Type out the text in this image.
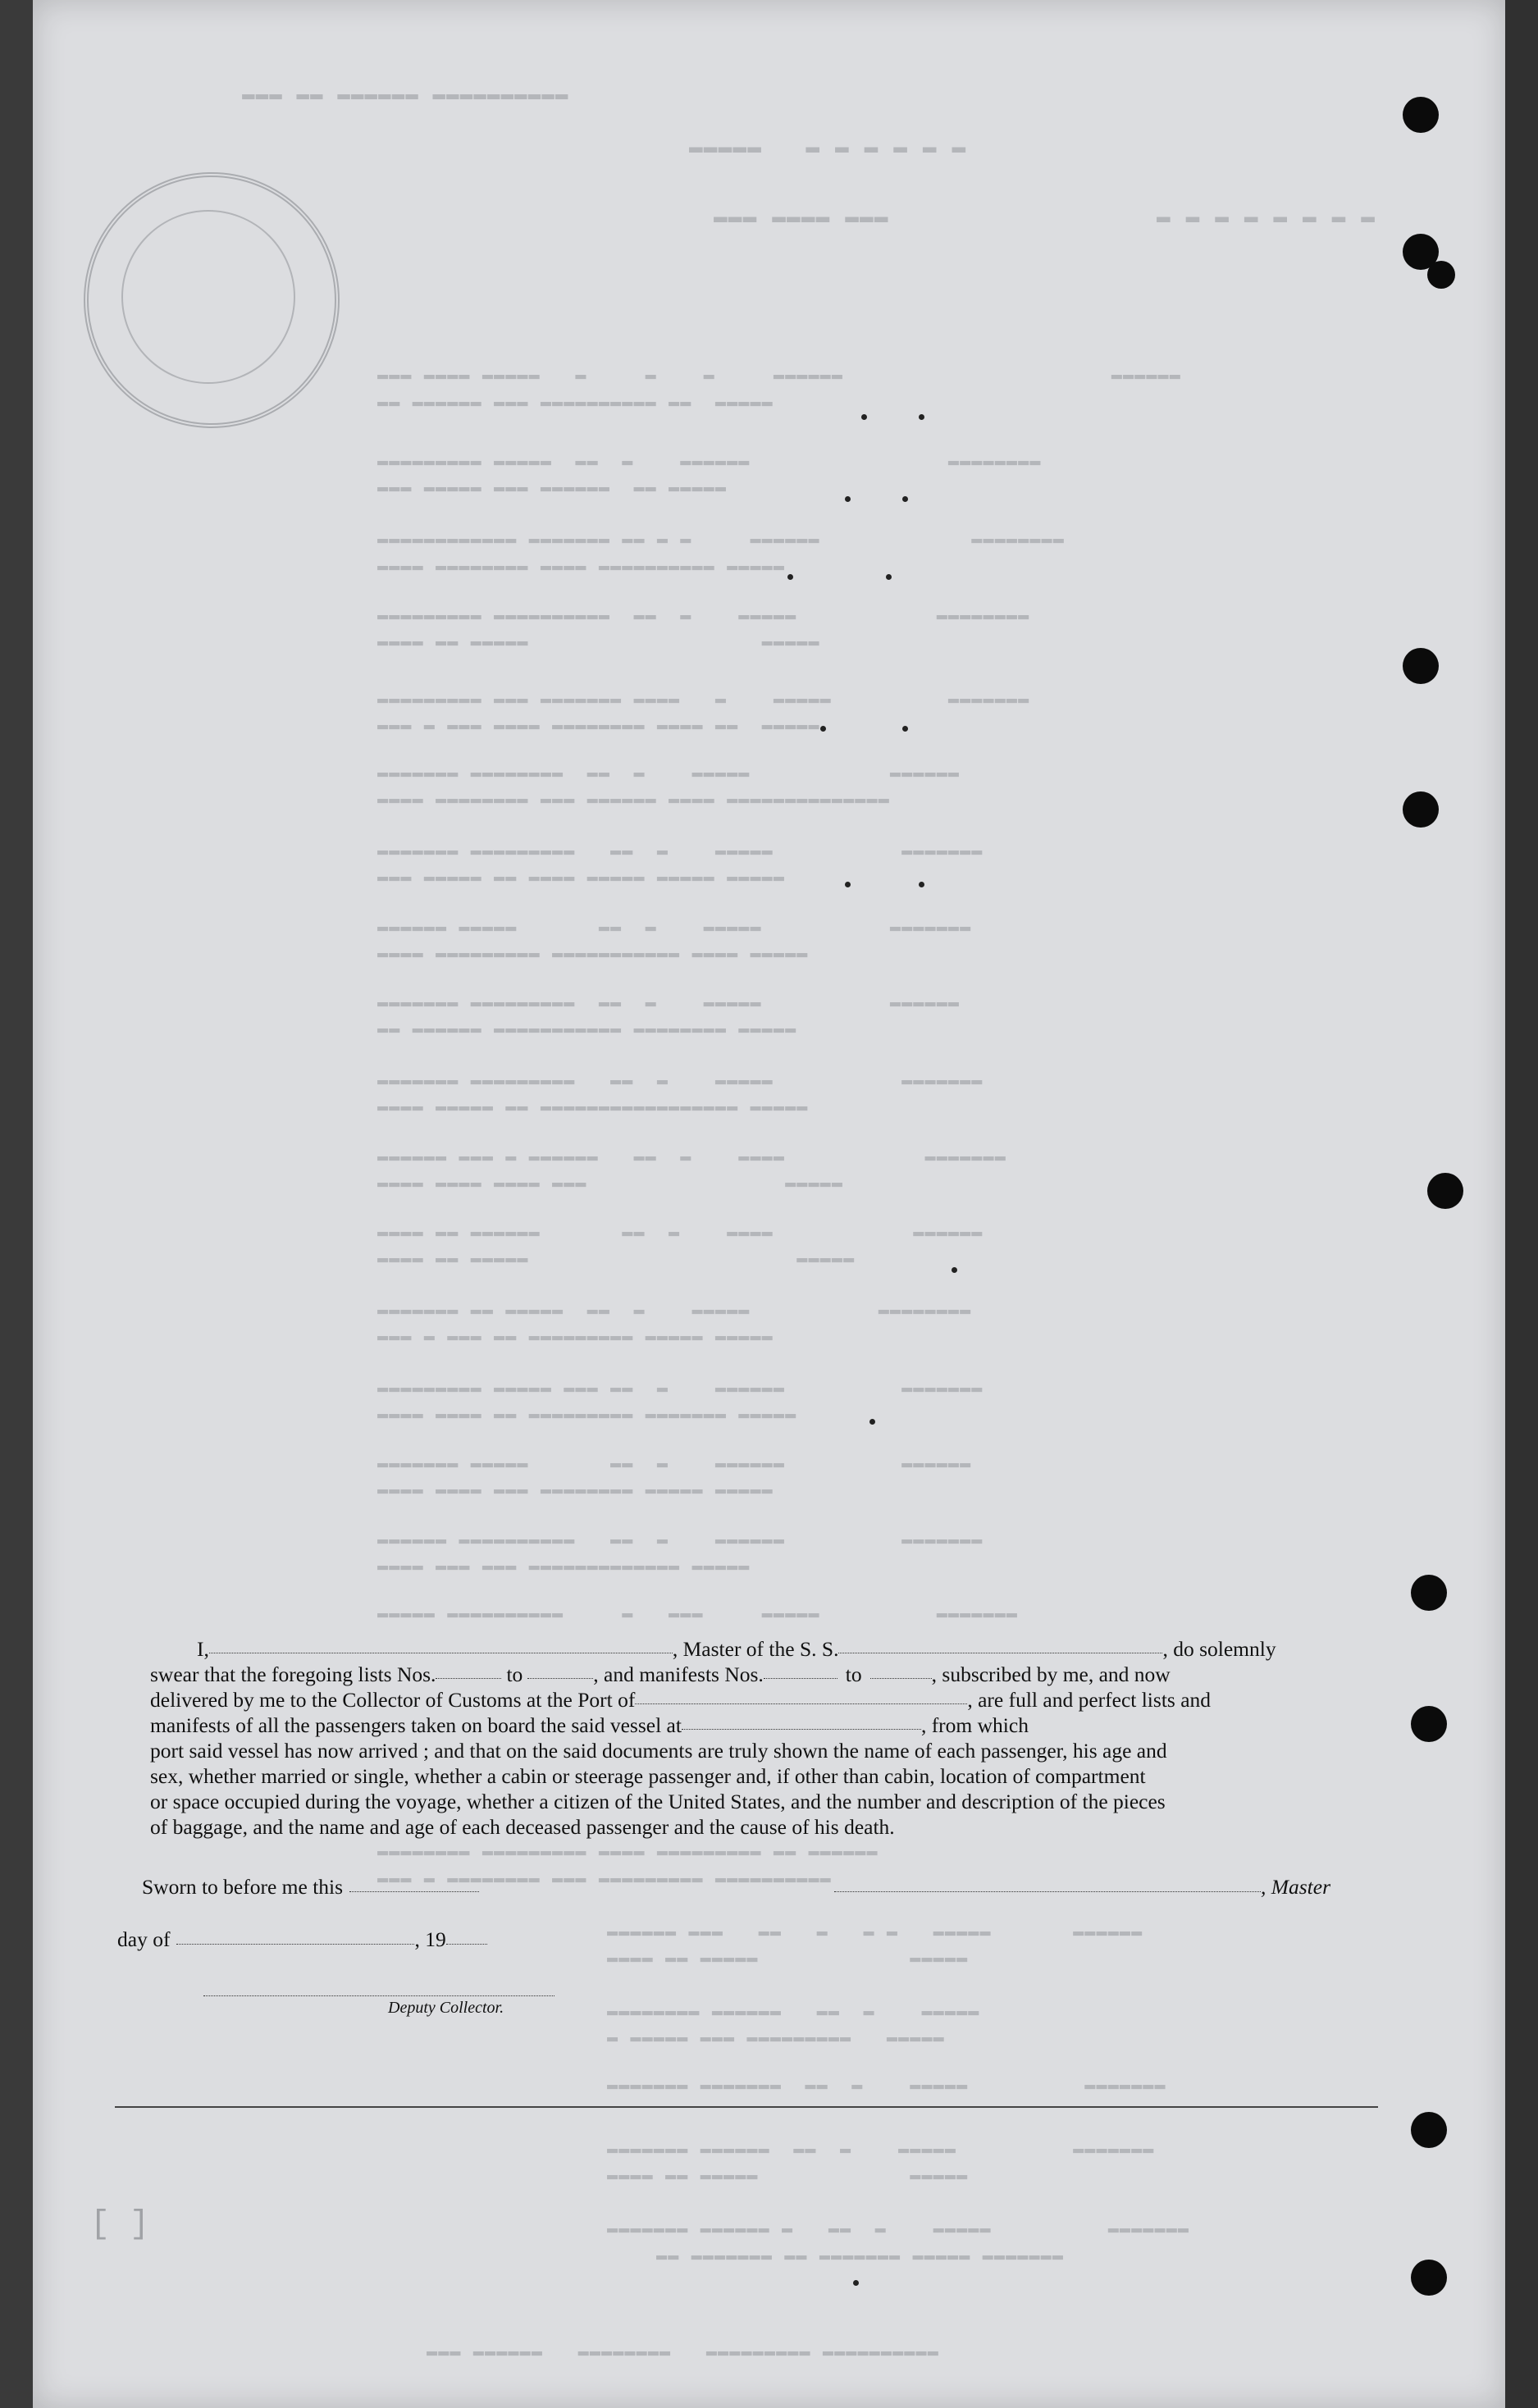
▬▬▬ ▬▬ ▬▬▬▬▬▬ ▬▬▬▬▬▬▬▬▬▬
▬▬▬▬▬   ▬ ▬ ▬ ▬ ▬ ▬
▬ ▬ ▬ ▬ ▬ ▬ ▬ ▬
▬▬▬ ▬▬▬▬ ▬▬▬
▬▬▬ ▬▬▬▬ ▬▬▬▬▬   ▬     ▬    ▬     ▬▬▬▬▬▬                       ▬▬▬▬▬▬
▬▬ ▬▬▬▬▬▬ ▬▬▬ ▬▬▬▬▬▬▬▬▬▬ ▬▬  ▬▬▬▬▬
▬▬▬▬▬▬▬▬▬ ▬▬▬▬▬  ▬▬  ▬    ▬▬▬▬▬▬                 ▬▬▬▬▬▬▬▬
▬▬▬ ▬▬▬▬▬ ▬▬▬ ▬▬▬▬▬▬  ▬▬ ▬▬▬▬▬
▬▬▬▬▬▬▬▬▬▬▬▬ ▬▬▬▬▬▬▬ ▬▬ ▬ ▬     ▬▬▬▬▬▬             ▬▬▬▬▬▬▬▬
▬▬▬▬ ▬▬▬▬▬▬▬▬ ▬▬▬▬ ▬▬▬▬▬▬▬▬▬▬ ▬▬▬▬▬
▬▬▬▬▬▬▬▬▬ ▬▬▬▬▬▬▬▬▬▬  ▬▬  ▬    ▬▬▬▬▬            ▬▬▬▬▬▬▬▬
▬▬▬▬ ▬▬ ▬▬▬▬▬                    ▬▬▬▬▬
▬▬▬▬▬▬▬▬▬ ▬▬▬ ▬▬▬▬▬▬▬ ▬▬▬▬   ▬    ▬▬▬▬▬          ▬▬▬▬▬▬▬
▬▬▬ ▬ ▬▬▬ ▬▬▬▬ ▬▬▬▬▬▬▬▬ ▬▬▬▬ ▬▬  ▬▬▬▬▬
▬▬▬▬▬▬▬ ▬▬▬▬▬▬▬▬  ▬▬  ▬    ▬▬▬▬▬            ▬▬▬▬▬▬
▬▬▬▬ ▬▬▬▬▬▬▬▬ ▬▬▬ ▬▬▬▬▬▬ ▬▬▬▬ ▬▬▬▬▬▬▬▬▬▬▬▬▬▬
▬▬▬▬▬▬▬ ▬▬▬▬▬▬▬▬▬   ▬▬  ▬    ▬▬▬▬▬           ▬▬▬▬▬▬▬
▬▬▬ ▬▬▬▬▬ ▬▬ ▬▬▬▬ ▬▬▬▬▬ ▬▬▬▬▬ ▬▬▬▬▬
▬▬▬▬▬▬ ▬▬▬▬▬       ▬▬  ▬    ▬▬▬▬▬           ▬▬▬▬▬▬▬
▬▬▬▬ ▬▬▬▬▬▬▬▬▬ ▬▬▬▬▬▬▬▬▬▬▬ ▬▬▬▬ ▬▬▬▬▬
▬▬▬▬▬▬▬ ▬▬▬▬▬▬▬▬▬  ▬▬  ▬    ▬▬▬▬▬           ▬▬▬▬▬▬
▬▬ ▬▬▬▬▬▬ ▬▬▬▬▬▬▬▬▬▬▬ ▬▬▬▬▬▬▬▬ ▬▬▬▬▬
▬▬▬▬▬▬▬ ▬▬▬▬▬▬▬▬▬   ▬▬  ▬    ▬▬▬▬▬           ▬▬▬▬▬▬▬
▬▬▬▬ ▬▬▬▬▬ ▬▬ ▬▬▬▬▬▬▬▬▬▬▬▬▬▬▬▬▬ ▬▬▬▬▬
▬▬▬▬▬▬ ▬▬▬ ▬ ▬▬▬▬▬▬   ▬▬  ▬    ▬▬▬▬            ▬▬▬▬▬▬▬
▬▬▬▬ ▬▬▬▬ ▬▬▬▬ ▬▬▬                 ▬▬▬▬▬
▬▬▬▬ ▬▬ ▬▬▬▬▬▬       ▬▬  ▬    ▬▬▬▬            ▬▬▬▬▬▬
▬▬▬▬ ▬▬ ▬▬▬▬▬                       ▬▬▬▬▬
▬▬▬▬▬▬▬ ▬▬ ▬▬▬▬▬  ▬▬  ▬    ▬▬▬▬▬           ▬▬▬▬▬▬▬▬
▬▬▬ ▬ ▬▬▬ ▬▬ ▬▬▬▬▬▬▬▬▬ ▬▬▬▬▬ ▬▬▬▬▬
▬▬▬▬▬▬▬▬▬ ▬▬▬▬▬ ▬▬▬ ▬▬  ▬    ▬▬▬▬▬▬          ▬▬▬▬▬▬▬
▬▬▬▬ ▬▬▬▬ ▬▬ ▬▬▬▬▬▬▬▬▬ ▬▬▬▬▬▬▬ ▬▬▬▬▬
▬▬▬▬▬▬▬ ▬▬▬▬▬       ▬▬  ▬    ▬▬▬▬▬▬          ▬▬▬▬▬▬
▬▬▬▬ ▬▬▬▬ ▬▬▬ ▬▬▬▬▬▬▬▬ ▬▬▬▬▬ ▬▬▬▬▬
▬▬▬▬▬▬ ▬▬▬▬▬▬▬▬▬▬   ▬▬  ▬    ▬▬▬▬▬▬          ▬▬▬▬▬▬▬
▬▬▬▬ ▬▬▬ ▬▬▬ ▬▬▬▬▬▬▬▬▬▬▬▬▬ ▬▬▬▬▬
▬▬▬▬▬ ▬▬▬▬▬▬▬▬▬▬     ▬   ▬▬▬     ▬▬▬▬▬          ▬▬▬▬▬▬▬
▬▬▬▬▬▬▬▬ ▬▬▬▬▬▬▬▬▬ ▬▬▬▬ ▬▬▬▬▬▬▬▬▬ ▬▬ ▬▬▬▬▬▬
▬▬▬ ▬ ▬▬▬▬▬▬▬▬ ▬▬▬ ▬▬▬▬▬▬▬▬▬ ▬▬▬▬▬▬▬▬▬▬
▬▬▬▬▬▬ ▬▬▬   ▬▬   ▬   ▬ ▬   ▬▬▬▬▬       ▬▬▬▬▬▬
▬▬▬▬ ▬▬ ▬▬▬▬▬             ▬▬▬▬▬
▬▬▬▬▬▬▬▬ ▬▬▬▬▬▬   ▬▬  ▬    ▬▬▬▬▬
▬ ▬▬▬▬▬ ▬▬▬ ▬▬▬▬▬▬▬▬▬   ▬▬▬▬▬
▬▬▬▬▬▬▬ ▬▬▬▬▬▬▬  ▬▬  ▬    ▬▬▬▬▬          ▬▬▬▬▬▬▬
▬▬▬▬▬▬▬ ▬▬▬▬▬▬  ▬▬  ▬    ▬▬▬▬▬          ▬▬▬▬▬▬▬
▬▬▬▬ ▬▬ ▬▬▬▬▬             ▬▬▬▬▬
▬▬▬▬▬▬▬ ▬▬▬▬▬▬ ▬   ▬▬  ▬    ▬▬▬▬▬          ▬▬▬▬▬▬▬
▬▬ ▬▬▬▬▬▬▬ ▬▬ ▬▬▬▬▬▬▬ ▬▬▬▬▬ ▬▬▬▬▬▬▬
▬▬▬ ▬▬▬▬▬▬   ▬▬▬▬▬▬▬▬   ▬▬▬▬▬▬▬▬▬ ▬▬▬▬▬▬▬▬▬▬
I,	, Master of the S. S.	, do solemnly
swear that the foregoing lists Nos.	to	, and manifests Nos.	to	, subscribed by me, and now
delivered by me to the Collector of Customs at the Port of	, are full and perfect lists and
manifests of all the passengers taken on board the said vessel at	, from which
port said vessel has now arrived ; and that on the said documents are truly shown the name of each passenger, his age and
sex, whether married or single, whether a cabin or steerage passenger and, if other than cabin, location of compartment
or space occupied during the voyage, whether a citizen of the United States, and the number and description of the pieces
of baggage, and the name and age of each deceased passenger and the cause of his death.
Sworn to before me this	, Master
day of	, 19
Deputy Collector.
[ ]
